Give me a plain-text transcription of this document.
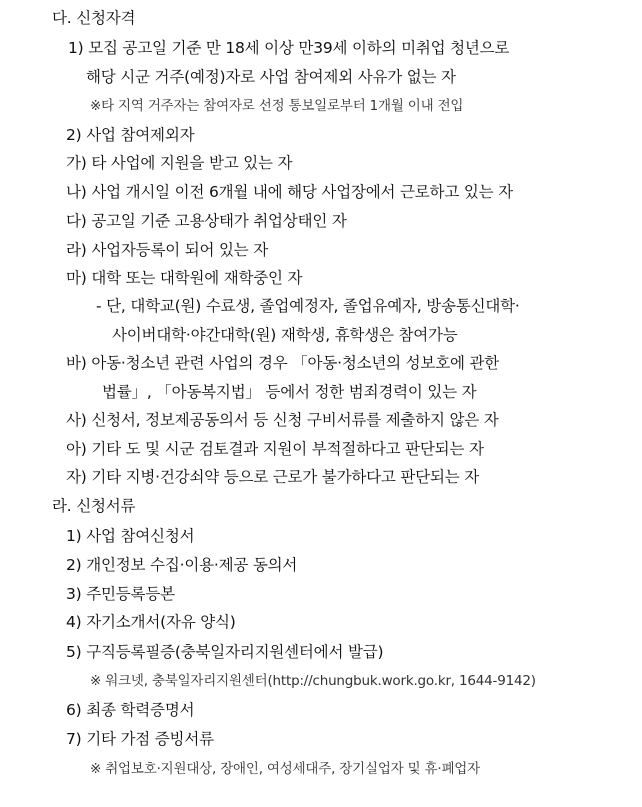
다. 신청자격
1) 모집 공고일 기준 만 18세 이상 만39세 이하의 미취업 청년으로
해당 시군 거주(예정)자로 사업 참여제외 사유가 없는 자
※타 지역 거주자는 참여자로 선정 통보일로부터 1개월 이내 전입
2) 사업 참여제외자
가) 타 사업에 지원을 받고 있는 자
나) 사업 개시일 이전 6개월 내에 해당 사업장에서 근로하고 있는 자
다) 공고일 기준 고용상태가 취업상태인 자
라) 사업자등록이 되어 있는 자
마) 대학 또는 대학원에 재학중인 자
- 단, 대학교(원) 수료생, 졸업예정자, 졸업유예자, 방송통신대학·
사이버대학·야간대학(원) 재학생, 휴학생은 참여가능
바) 아동·청소년 관련 사업의 경우 「아동·청소년의 성보호에 관한
법률」, 「아동복지법」 등에서 정한 범죄경력이 있는 자
사) 신청서, 정보제공동의서 등 신청 구비서류를 제출하지 않은 자
아) 기타 도 및 시군 검토결과 지원이 부적절하다고 판단되는 자
자) 기타 지병·건강쇠약 등으로 근로가 불가하다고 판단되는 자
라. 신청서류
1) 사업 참여신청서
2) 개인정보 수집·이용·제공 동의서
3) 주민등록등본
4) 자기소개서(자유 양식)
5) 구직등록필증(충북일자리지원센터에서 발급)
※ 워크넷, 충북일자리지원센터(http://chungbuk.work.go.kr, 1644-9142)
6) 최종 학력증명서
7) 기타 가점 증빙서류
※ 취업보호·지원대상, 장애인, 여성세대주, 장기실업자 및 휴·폐업자
